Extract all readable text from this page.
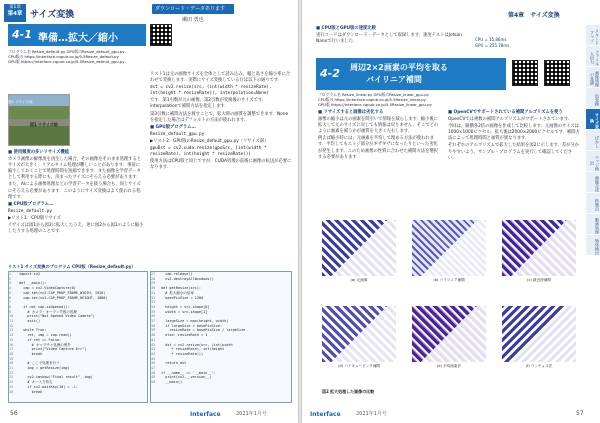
第1章
第4章 サイズ変換
ダウンロード・データあります
瀬田 勇也
4-1 準備…拡大／縮小
プログラム名 Resize_default.py GPU版のResize_default_gpu.py
CPU版の https://interface.cqpub.co.jp/5.5Resize_default.py
GPU版 https://interface.cqpub.co.jp/5.5Resize_default_gpu.py
図1 リサイズ前
図1 リサイズ前

■ 使用頻度の多いリサイズ機能

カメラ画像の解像度を再生した場合，その画像をそのまま処理するとサイズが大きく，リアルタイム処理が難しいことがあります．事前に縮小しておくことで処理時間を短縮できます．また画像を学習データとして利用する際にも，決まったサイズにそろえる必要があります．

また，AIによる画像処理などの学習データを扱う場合も，同じサイズにそろえる必要があります．このようにサイズ変換はよく使われる処理です．

■ CPU版プログラム…

Resize_default.py

▶リスト1：CPU版リサイズ

リサイズは図1から図2に拡大したうえ，逆に図2から図1のように縮小したりする処理のことです．

リスト1は元の画像サイズを全体として読み込み，幅と高さを縮小率に合わせて変換します．実際にサイズ変換している行は以下の通りです．

dst = cv2.resize(src, (int(width * resizeRate), int(height * resizeRate)), interpolation=None)

です．第1引数が元の画像，第2引数が変換後のサイズです．interpolationで補間方法を指定します．

第3引数に補間方法を渡すことで，拡大時の画質を調整できます．Noneを指定した場合はデフォルトの方法が使われます．

■ GPU版プログラム…

Resize_default_gpu.py

▶リスト2：GPU版のResize_default_gpu.py（リサイズ部）

gpuDst = cv2.cuda.resize(gpuSrc, (int(width * resizeRate), int(height * resizeRate)))

使用方法はCPU版と同じですが，CUDA処理の前後に画像の転送が必要になります．

リスト1 サイズ変換のプログラム CPU版（Resize_default.py）
1 import cv2
2
3 def __main():
4  cap = cv2.VideoCapture(0)
5  cap.set(cv2.CAP_PROP_FRAME_WIDTH, 1920)
6  cap.set(cv2.CAP_PROP_FRAME_HEIGHT, 1080)
7
8  if not cap.isOpened():
9    # カメラ・オープン失敗の処理
10    print("Not Opened Video Camera")
11    exit()
12
13  while True:
14    ret, img = cap.read()
15    if ret == False:
16      # キャプチャ処理の例外
17      print("Video Capture Err")
18      break
19
20    # ここで処理を行う
21    img = getResize(img)
22
23    cv2.imshow("Final result", img)
24    # キー入力待ち
25    if cv2.waitKey(10) > -1:
26      break
27  cap.release()
28  cv2.destroyAllWindows()
29
30 def getResize(src):
31  # 拡大縮小の倍率
32  basePixSize = 1280
33
34  height = src.shape[0]
35  width = src.shape[1]
36
37  largeSize = max(height, width)
38  if largeSize > basePixSize:
39    resizeRate = basePixSize / largeSize
40  else: resizeRate = 1
41
42  dst = cv2.resize(src, (int(width
43     * resizeRate), int(height
44     * resizeRate)))
45
46  return dst
47
48 if __name__ == '__main__':
49  print(cv2.__version__)
50  __main()
56	Interface	2021年1月号
第4章 サイズ変換

■ CPU版とGPU版の速度比較

実行コードはダウンロード・データとして収録します．速度テストはJetson Nanoで行いました．	CPU = 15.86ms
GPU = 255.78ms
4-2 周辺2×2画素の平均を取る
バイリニア補間
プログラム名 Resize_linear.py GPU版のResize_linear_gpu.py
CPU版の https://interface.cqpub.co.jp/5.5Resize_linear.py
GPU版 https://interface.cqpub.co.jp/5.5Resize_linear_gpu.py

■ リサイズすると画像は劣化する

画像の縮小は元の画素を間引いて情報を減らします．縮小後に拡大して元のサイズに戻しても情報は戻りません．そこでどのように画素を補うかが画質を大きく左右します．

例えば縮小時には，元画素を平均して埋める方法が使われます．平均してもエッジ部分がギザギザになったりといった劣化が発生します．このため画像の性質に合わせた補間方法を選択する必要があります．

■ OpenCVでサポートされている補間アルゴリズムを使う

OpenCVでは複数の補間アルゴリズムがサポートされています．

今回は，縦横各2倍の画像を作成して比較します．元画像のサイズは1000×1000ピクセル，拡大後は2000×2000ピクセルです．補間方法によって処理時間と画質が異なります．

それぞれのアルゴリズムで拡大した結果を図2に示します．差が分かりやすいよう，サンプル・プログラムを実行して確認してください．

(a) 元画像	(b) バイリニア補間	(c) 最近傍補間
(d) バイキュービック補間	(e) 平均画素法	(f) ランチョス法
図2 拡大処理した画像の比較
スタートアップ
ファイル入出力
画像処理の基礎
色変換
サイズ変換
ぼかし
エッジ検出
画像合成
特徴点
動画処理
物体検出
Interface	2021年1月号	57
